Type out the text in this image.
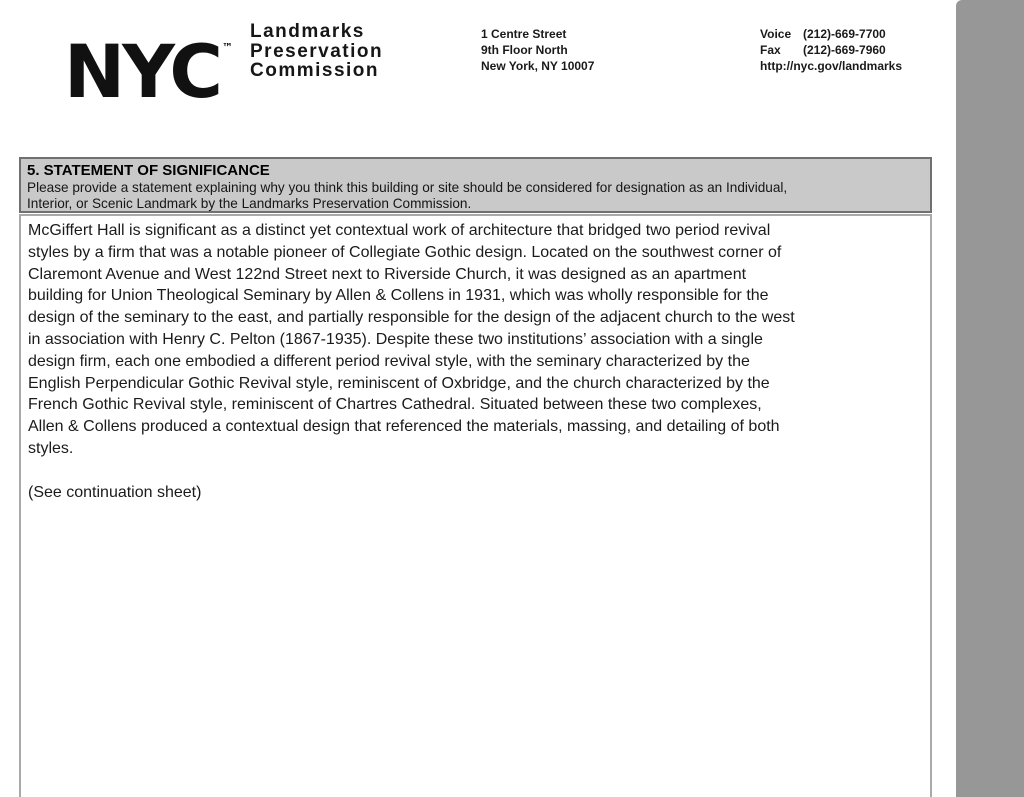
NYC ™
Landmarks
Preservation
Commission
1 Centre Street
9th Floor North
New York, NY 10007
Voice (212)-669-7700
Fax	(212)-669-7960
http://nyc.gov/landmarks
5. STATEMENT OF SIGNIFICANCE
Please provide a statement explaining why you think this building or site should be considered for designation as an Individual,
Interior, or Scenic Landmark by the Landmarks Preservation Commission.
McGiffert Hall is significant as a distinct yet contextual work of architecture that bridged two period revival
styles by a firm that was a notable pioneer of Collegiate Gothic design. Located on the southwest corner of
Claremont Avenue and West 122nd Street next to Riverside Church, it was designed as an apartment
building for Union Theological Seminary by Allen & Collens in 1931, which was wholly responsible for the
design of the seminary to the east, and partially responsible for the design of the adjacent church to the west
in association with Henry C. Pelton (1867-1935). Despite these two institutions’ association with a single
design firm, each one embodied a different period revival style, with the seminary characterized by the
English Perpendicular Gothic Revival style, reminiscent of Oxbridge, and the church characterized by the
French Gothic Revival style, reminiscent of Chartres Cathedral. Situated between these two complexes,
Allen & Collens produced a contextual design that referenced the materials, massing, and detailing of both
styles.
(See continuation sheet)
